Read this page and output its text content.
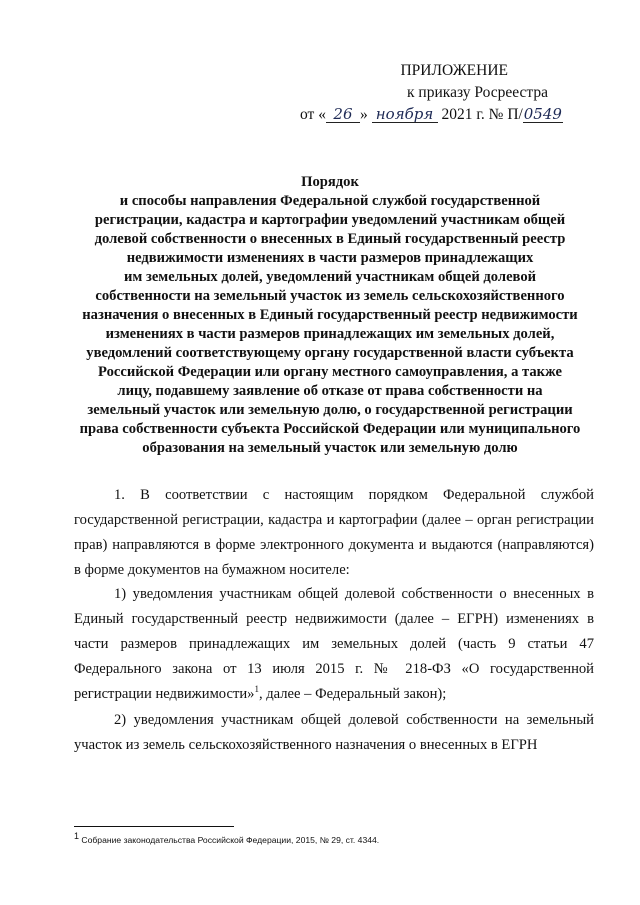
ПРИЛОЖЕНИЕ
к приказу Росреестра
от « 26 » ноября 2021 г. № П/0549
Порядок
и способы направления Федеральной службой государственной
регистрации, кадастра и картографии уведомлений участникам общей
долевой собственности о внесенных в Единый государственный реестр
недвижимости изменениях в части размеров принадлежащих
им земельных долей, уведомлений участникам общей долевой
собственности на земельный участок из земель сельскохозяйственного
назначения о внесенных в Единый государственный реестр недвижимости
изменениях в части размеров принадлежащих им земельных долей,
уведомлений соответствующему органу государственной власти субъекта
Российской Федерации или органу местного самоуправления, а также
лицу, подавшему заявление об отказе от права собственности на
земельный участок или земельную долю, о государственной регистрации
права собственности субъекта Российской Федерации или муниципального
образования на земельный участок или земельную долю

1. В соответствии с настоящим порядком Федеральной службой государственной регистрации, кадастра и картографии (далее – орган регистрации прав) направляются в форме электронного документа и выдаются (направляются) в форме документов на бумажном носителе:

1) уведомления участникам общей долевой собственности о внесенных в Единый государственный реестр недвижимости (далее – ЕГРН) изменениях в части размеров принадлежащих им земельных долей (часть 9 статьи 47 Федерального закона от 13 июля 2015 г. № 218-ФЗ «О государственной регистрации недвижимости»$^1$, далее – Федеральный закон);

2) уведомления участникам общей долевой собственности на земельный участок из земель сельскохозяйственного назначения о внесенных в ЕГРН

$^1$ Собрание законодательства Российской Федерации, 2015, № 29, ст. 4344.
